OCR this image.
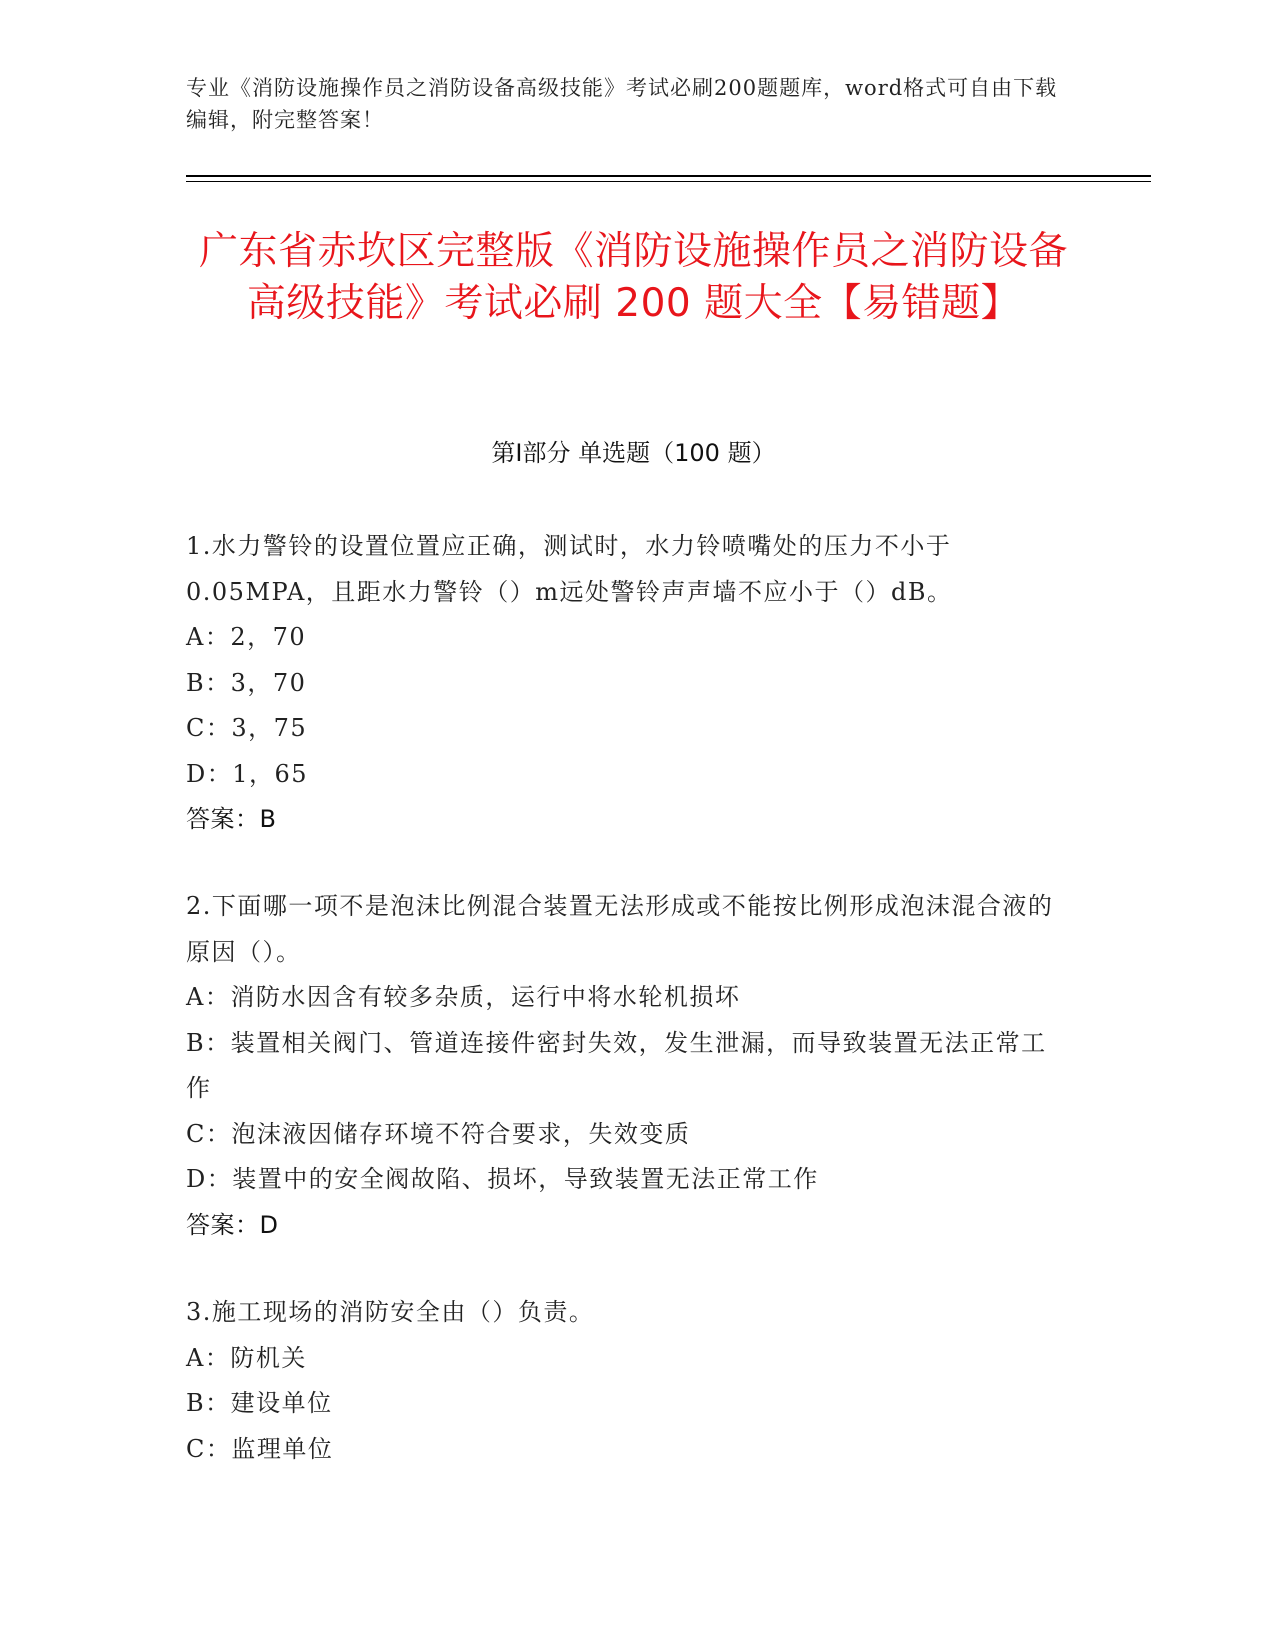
专业《消防设施操作员之消防设备高级技能》考试必刷200题题库，word格式可自由下载编辑，附完整答案！
广东省赤坎区完整版《消防设施操作员之消防设备高级技能》考试必刷 200 题大全【易错题】
第Ⅰ部分 单选题（100 题）
1.水力警铃的设置位置应正确，测试时，水力铃喷嘴处的压力不小于0.05MPA，且距水力警铃（）m远处警铃声声墙不应小于（）dB。
A：2，70
B：3，70
C：3，75
D：1，65
答案：B
2.下面哪一项不是泡沫比例混合装置无法形成或不能按比例形成泡沫混合液的原因（）。
A：消防水因含有较多杂质，运行中将水轮机损坏
B：装置相关阀门、管道连接件密封失效，发生泄漏，而导致装置无法正常工作
C：泡沫液因储存环境不符合要求，失效变质
D：装置中的安全阀故陷、损坏，导致装置无法正常工作
答案：D
3.施工现场的消防安全由（）负责。
A：防机关
B：建设单位
C：监理单位
